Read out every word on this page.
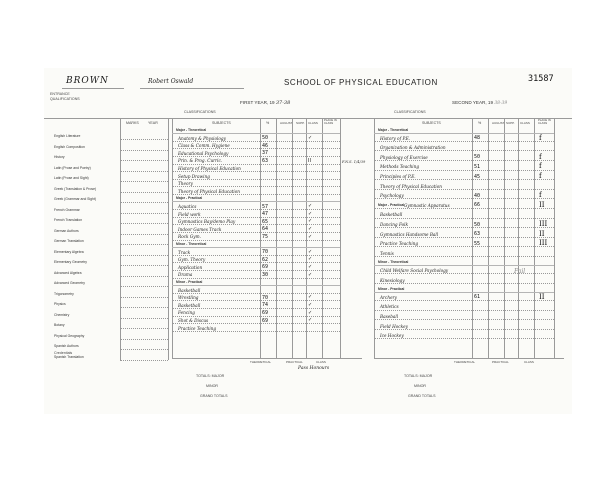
BROWN	Robert Oswald	SCHOOL OF PHYSICAL EDUCATION	31587
ENTRANCE QUALIFICATIONS
FIRST YEAR, 19 37-38
CLASSIFICATIONS
SECOND YEAR, 19 38-39
CLASSIFICATIONS
MARKS	YEAR
English Literature
English Composition
History
Latin (Prose and Poetry)
Latin (Prose and Sight)
Greek (Translation & Prose)
Greek (Grammar and Sight)
French Grammar
French Translation
German Authors
German Translation
Elementary Algebra
Elementary Geometry
Advanced Algebra
Advanced Geometry
Trigonometry
Physics
Chemistry
Botany
Physical Geography
Spanish Authors
Spanish Translation
Credentials
SUBJECTS	%	AUGUST SUPP. CLASS
PLACE IN CLASS
Major - Theoretical
Anatomy & Physiology	50	✓
Class & Comm. Hygiene	46
Educational Psychology	37
Prin. & Prog. Curric.	63	II
History of Physical Education
Setup Drawing
Theory
Theory of Physical Education
Major - Practical
Aquatics	57	✓
Field work	47	✓
Gymnastics Bay/demo Play	65	✓
Indoor Games Track	64	✓
Rock Gym.	75	✓
Minor - Theoretical
Track	70	✓
Gym. Theory	62	✓
Application	69	✓
Drama	30	✓
Minor - Practical
Basketball
Wrestling	70	✓
Basketball	74	✓
Fencing	69	✓
Shot & Discus	69	✓
Practice Teaching
F.N.S. 1/4/39
THEORETICAL	PRACTICAL	CLASS
Pass Honours
TOTALS: MAJOR
MINOR
GRAND TOTALS
SUBJECTS	%	AUGUST SUPP. CLASS
PLACE IN CLASS
Major - Theoretical
History of P.E.	48	f
Organization & Administration
Physiology of Exercise	50	f
Methods Teaching	51	f
Principles of P.E.	45	f
Theory of Physical Education
Psychology	40	f
Major - Practical Gymnastic Apparatus	66	II
Basketball
Dancing Folk	50	III
Gymnastics Handsome Ball	63	II
Practice Teaching	55	III
Tennis
Minor - Theoretical
Child Welfare Social Psychology
Kinesiology
Minor - Practical
Archery	61	II
Athletics
Baseball
Field Hockey
Ice Hockey
Fail
THEORETICAL	PRACTICAL	CLASS
TOTALS: MAJOR
MINOR
GRAND TOTALS
